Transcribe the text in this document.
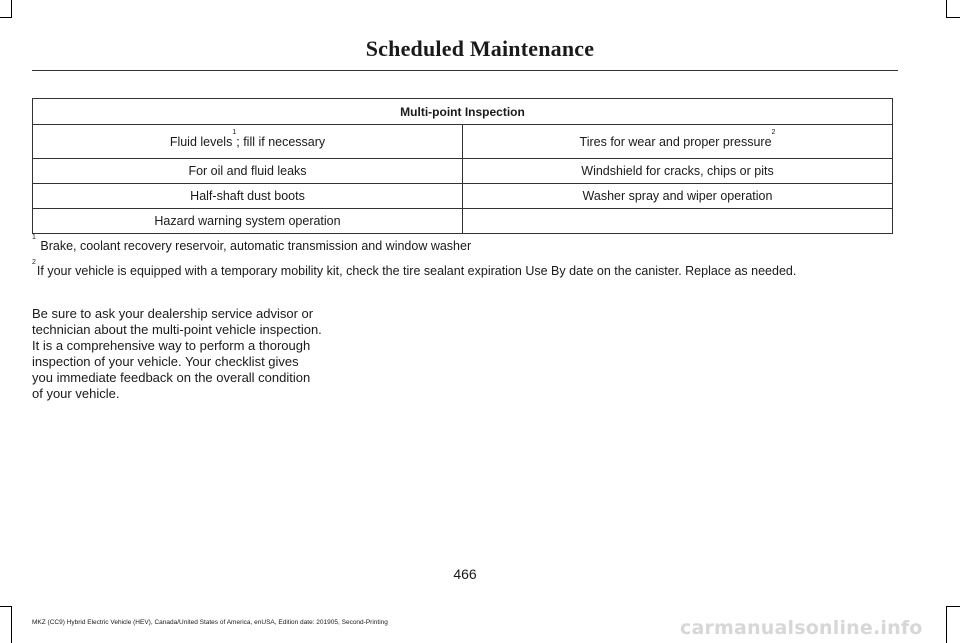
Scheduled Maintenance
Multi-point Inspection	
Fluid levels$^1$; fill if necessary	Tires for wear and proper pressure$^2$
For oil and fluid leaks	Windshield for cracks, chips or pits
Half-shaft dust boots	Washer spray and wiper operation
Hazard warning system operation	
$^1$ Brake, coolant recovery reservoir, automatic transmission and window washer
$^2$If your vehicle is equipped with a temporary mobility kit, check the tire sealant expiration Use By date on the canister. Replace as needed.
Be sure to ask your dealership service advisor or technician about the multi-point vehicle inspection. It is a comprehensive way to perform a thorough inspection of your vehicle. Your checklist gives you immediate feedback on the overall condition of your vehicle.
466
MKZ (CC9) Hybrid Electric Vehicle (HEV), Canada/United States of America, enUSA, Edition date: 201905, Second-Printing	carmanualsonline.info
